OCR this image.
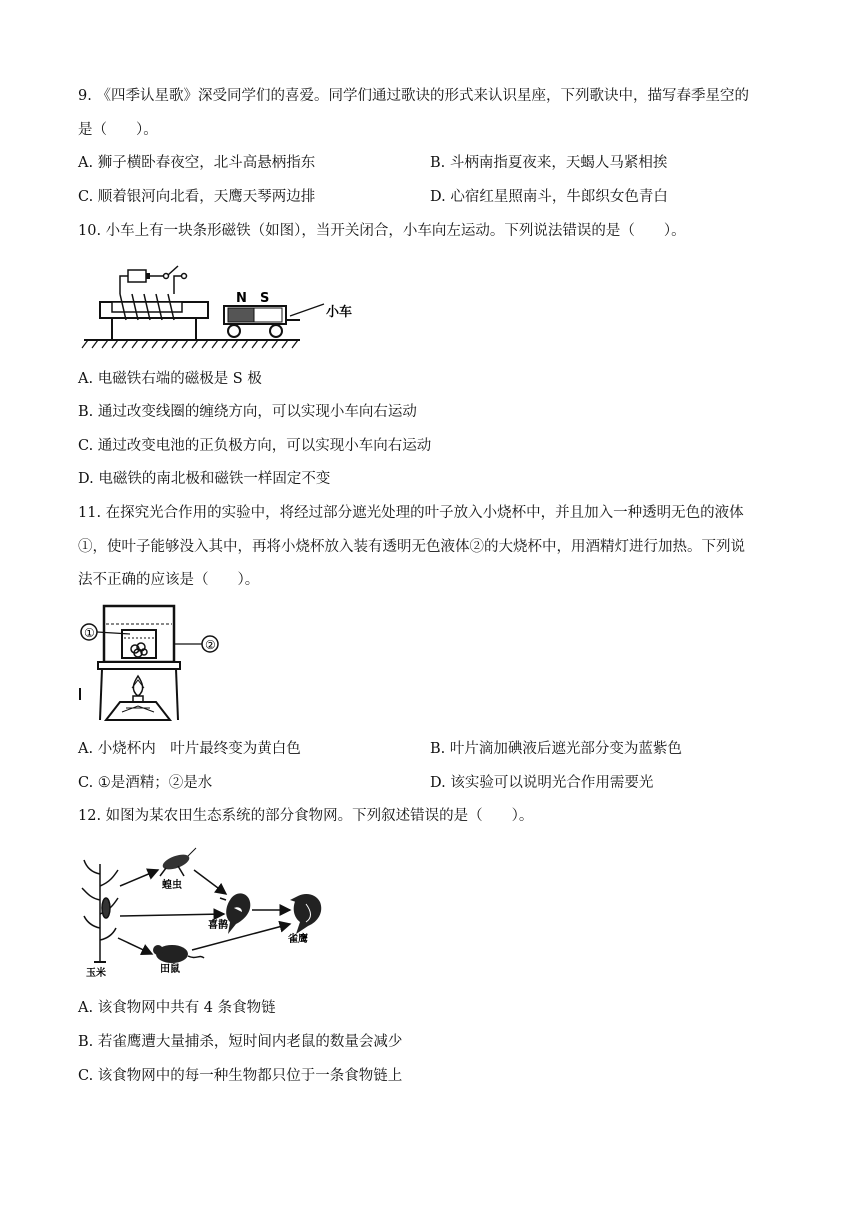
9. 《四季认星歌》深受同学们的喜爱。同学们通过歌诀的形式来认识星座，下列歌诀中，描写春季星空的
是（　　）。
A. 狮子横卧春夜空，北斗高悬柄指东	B. 斗柄南指夏夜来，天蝎人马紧相挨
C. 顺着银河向北看，天鹰天琴两边排	D. 心宿红星照南斗，牛郎织女色青白
10. 小车上有一块条形磁铁（如图），当开关闭合，小车向左运动。下列说法错误的是（　　）。
N S
小车
A. 电磁铁右端的磁极是 S 极
B. 通过改变线圈的缠绕方向，可以实现小车向右运动
C. 通过改变电池的正负极方向，可以实现小车向右运动
D. 电磁铁的南北极和磁铁一样固定不变
11. 在探究光合作用的实验中，将经过部分遮光处理的叶子放入小烧杯中，并且加入一种透明无色的液体
①，使叶子能够没入其中，再将小烧杯放入装有透明无色液体②的大烧杯中，用酒精灯进行加热。下列说
法不正确的应该是（　　）。
①
②
A. 小烧杯内　叶片最终变为黄白色	B. 叶片滴加碘液后遮光部分变为蓝紫色
C. ①是酒精；②是水	D. 该实验可以说明光合作用需要光
12. 如图为某农田生态系统的部分食物网。下列叙述错误的是（　　）。
玉米
蝗虫
喜鹊
田鼠
雀鹰
A. 该食物网中共有 4 条食物链
B. 若雀鹰遭大量捕杀，短时间内老鼠的数量会减少
C. 该食物网中的每一种生物都只位于一条食物链上
